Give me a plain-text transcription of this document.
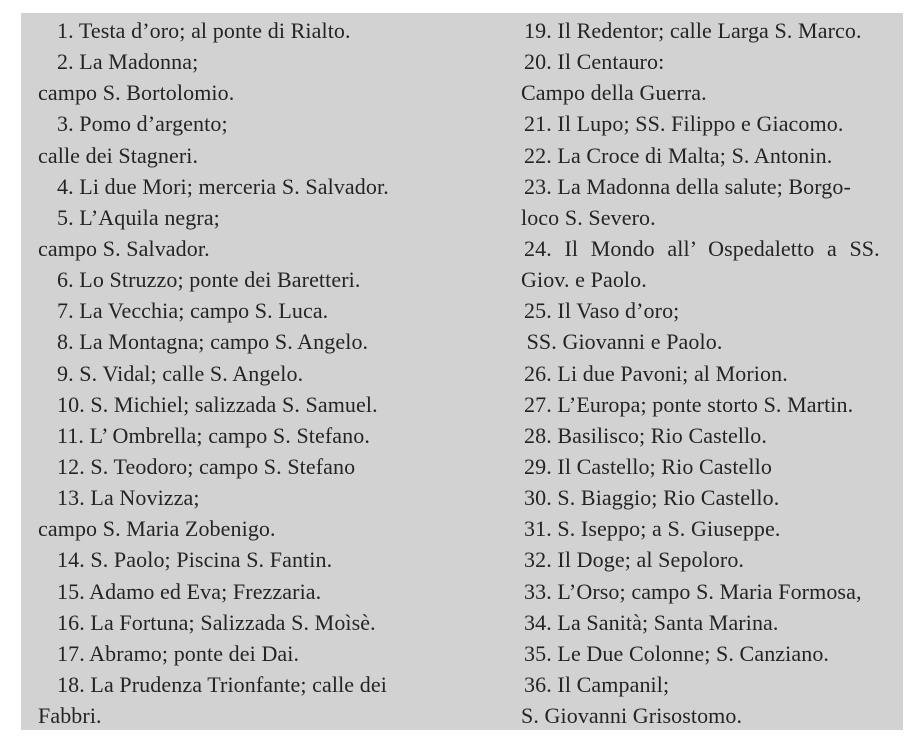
1. Testa d’oro; al ponte di Rialto.
2. La Madonna;
campo S. Bortolomio.
3. Pomo d’argento;
calle dei Stagneri.
4. Li due Mori; merceria S. Salvador.
5. L’Aquila negra;
campo S. Salvador.
6. Lo Struzzo; ponte dei Baretteri.
7. La Vecchia; campo S. Luca.
8. La Montagna; campo S. Angelo.
9. S. Vidal; calle S. Angelo.
10. S. Michiel; salizzada S. Samuel.
11. L’ Ombrella; campo S. Stefano.
12. S. Teodoro; campo S. Stefano
13. La Novizza;
campo S. Maria Zobenigo.
14. S. Paolo; Piscina S. Fantin.
15. Adamo ed Eva; Frezzaria.
16. La Fortuna; Salizzada S. Moìsè.
17. Abramo; ponte dei Dai.
18. La Prudenza Trionfante; calle dei
Fabbri.
19. Il Redentor; calle Larga S. Marco.
20. Il Centauro:
Campo della Guerra.
21. Il Lupo; SS. Filippo e Giacomo.
22. La Croce di Malta; S. Antonin.
23. La Madonna della salute; Borgo-
loco S. Severo.
24. Il Mondo all’ Ospedaletto a SS.
Giov. e Paolo.
25. Il Vaso d’oro;
SS. Giovanni e Paolo.
26. Li due Pavoni; al Morion.
27. L’Europa; ponte storto S. Martin.
28. Basilisco; Rio Castello.
29. Il Castello; Rio Castello
30. S. Biaggio; Rio Castello.
31. S. Iseppo; a S. Giuseppe.
32. Il Doge; al Sepoloro.
33. L’Orso; campo S. Maria Formosa,
34. La Sanità; Santa Marina.
35. Le Due Colonne; S. Canziano.
36. Il Campanil;
S. Giovanni Grisostomo.
